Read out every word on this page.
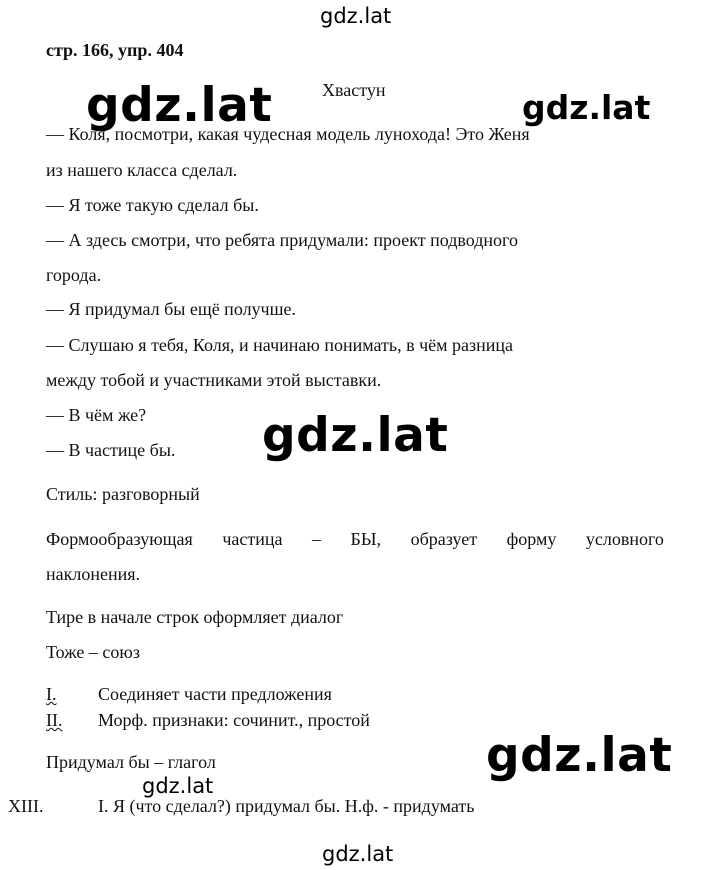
gdz.lat
gdz.lat	gdz.lat
gdz.lat
gdz.lat
gdz.lat
gdz.lat
стр. 166, упр. 404
Хвастун
— Коля, посмотри, какая чудесная модель лунохода! Это Женя
из нашего класса сделал.
— Я тоже такую сделал бы.
— А здесь смотри, что ребята придумали: проект подводного
города.
— Я придумал бы ещё получше.
— Слушаю я тебя, Коля, и начинаю понимать, в чём разница
между тобой и участниками этой выставки.
— В чём же?
— В частице бы.
Стиль: разговорный
Формообразующая частица – БЫ, образует форму условного
наклонения.
Тире в начале строк оформляет диалог
Тоже – союз
I. Соединяет части предложения
II. Морф. признаки: сочинит., простой
Придумал бы – глагол
XIII.	I. Я (что сделал?) придумал бы. Н.ф. - придумать
